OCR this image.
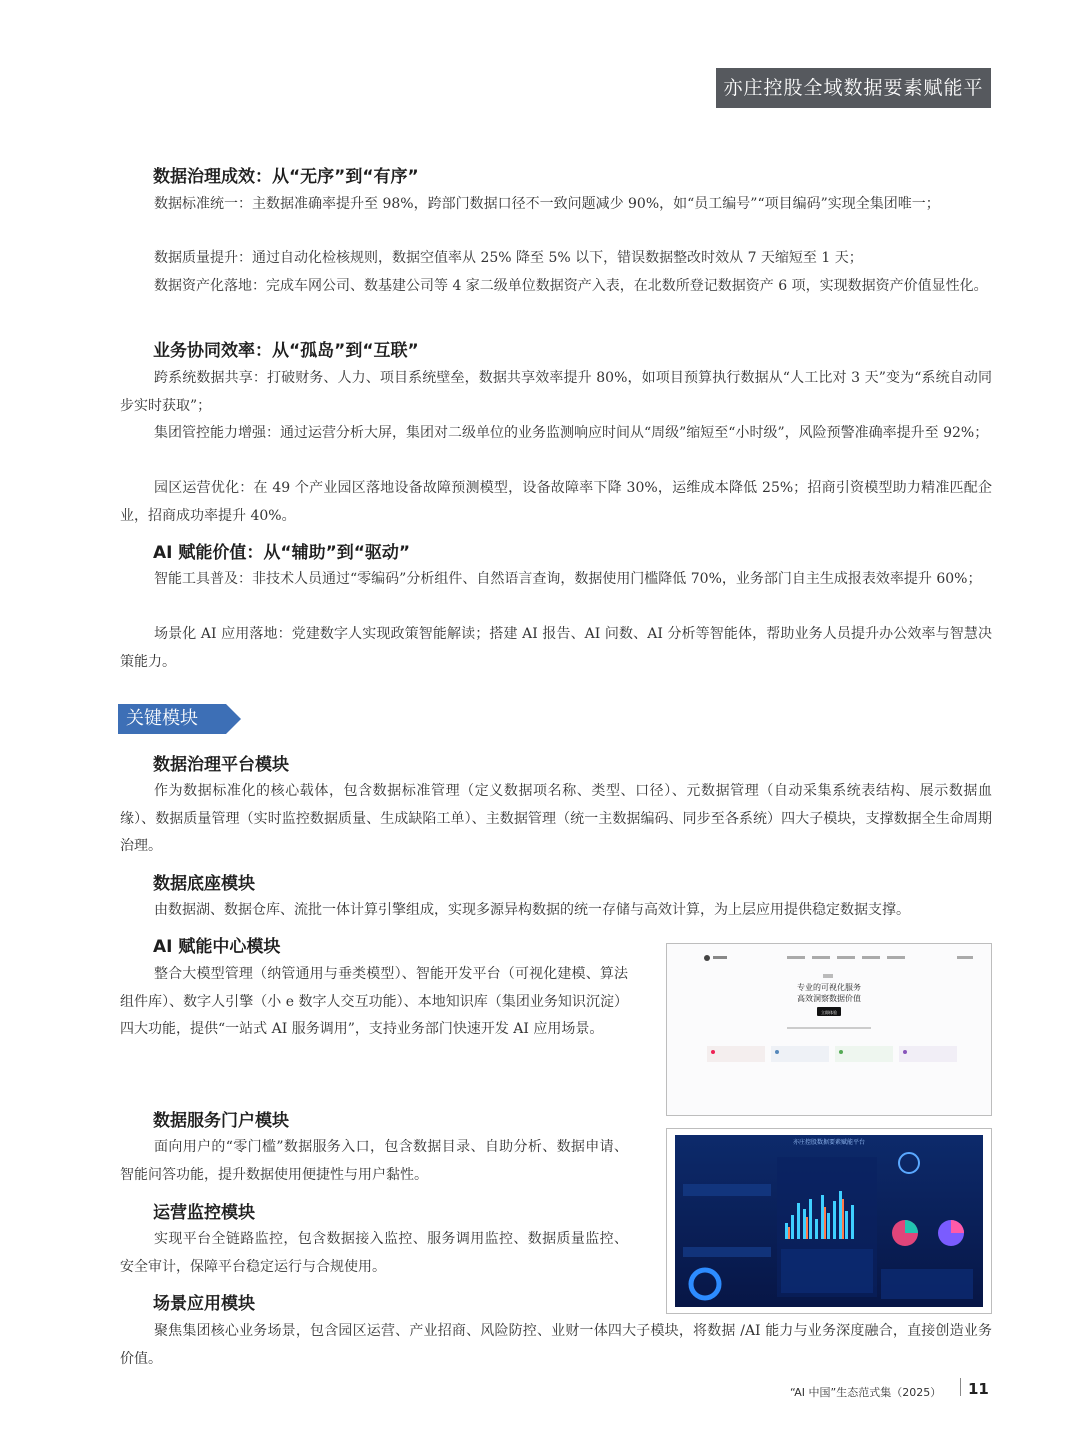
亦庄控股全域数据要素赋能平台
数据治理成效：从“无序”到“有序”
数据标准统一：主数据准确率提升至 98%，跨部门数据口径不一致问题减少 90%，如“员工编号”“项目编码”实现全集团唯一；
数据质量提升：通过自动化检核规则，数据空值率从 25% 降至 5% 以下，错误数据整改时效从 7 天缩短至 1 天；
数据资产化落地：完成车网公司、数基建公司等 4 家二级单位数据资产入表，在北数所登记数据资产 6 项，实现数据资产价值显性化。
业务协同效率：从“孤岛”到“互联”
跨系统数据共享：打破财务、人力、项目系统壁垒，数据共享效率提升 80%，如项目预算执行数据从“人工比对 3 天”变为“系统自动同步实时获取”；
集团管控能力增强：通过运营分析大屏，集团对二级单位的业务监测响应时间从“周级”缩短至“小时级”，风险预警准确率提升至 92%；
园区运营优化：在 49 个产业园区落地设备故障预测模型，设备故障率下降 30%，运维成本降低 25%；招商引资模型助力精准匹配企业，招商成功率提升 40%。
AI 赋能价值：从“辅助”到“驱动”
智能工具普及：非技术人员通过“零编码”分析组件、自然语言查询，数据使用门槛降低 70%，业务部门自主生成报表效率提升 60%；
场景化 AI 应用落地：党建数字人实现政策智能解读；搭建 AI 报告、AI 问数、AI 分析等智能体，帮助业务人员提升办公效率与智慧决策能力。
关键模块
数据治理平台模块
作为数据标准化的核心载体，包含数据标准管理（定义数据项名称、类型、口径）、元数据管理（自动采集系统表结构、展示数据血缘）、数据质量管理（实时监控数据质量、生成缺陷工单）、主数据管理（统一主数据编码、同步至各系统）四大子模块，支撑数据全生命周期治理。
数据底座模块
由数据湖、数据仓库、流批一体计算引擎组成，实现多源异构数据的统一存储与高效计算，为上层应用提供稳定数据支撑。
AI 赋能中心模块
整合大模型管理（纳管通用与垂类模型）、智能开发平台（可视化建模、算法组件库）、数字人引擎（小 e 数字人交互功能）、本地知识库（集团业务知识沉淀）四大功能，提供“一站式 AI 服务调用”，支持业务部门快速开发 AI 应用场景。
数据服务门户模块
面向用户的“零门槛”数据服务入口，包含数据目录、自助分析、数据申请、智能问答功能，提升数据使用便捷性与用户黏性。
运营监控模块
实现平台全链路监控，包含数据接入监控、服务调用监控、数据质量监控、安全审计，保障平台稳定运行与合规使用。
场景应用模块
聚焦集团核心业务场景，包含园区运营、产业招商、风险防控、业财一体四大子模块，将数据 /AI 能力与业务深度融合，直接创造业务价值。
专业的可视化服务
高效洞察数据价值
立即体验
亦庄控股数据要素赋能平台
“AI 中国”生态范式集（2025） 11
